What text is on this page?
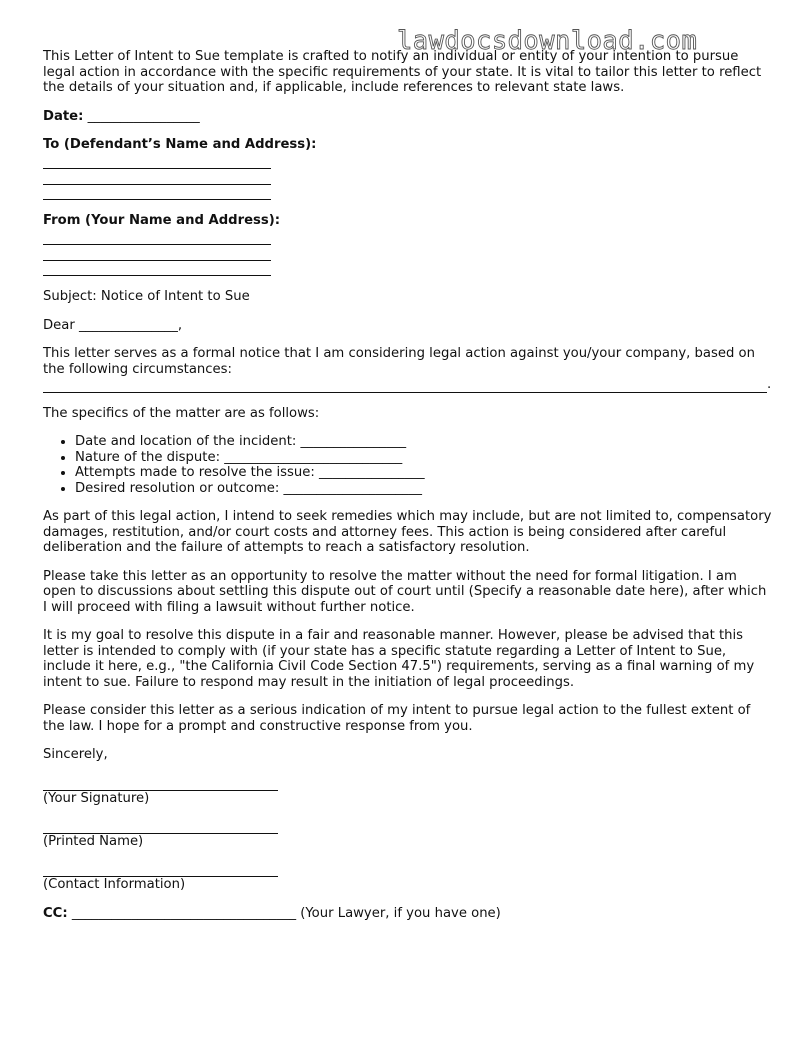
lawdocsdownload.com

This Letter of Intent to Sue template is crafted to notify an individual or entity of your intention to pursue legal action in accordance with the specific requirements of your state. It is vital to tailor this letter to reflect the details of your situation and, if applicable, include references to relevant state laws.

Date: _________________

To (Defendant’s Name and Address):

From (Your Name and Address):

Subject: Notice of Intent to Sue

Dear _______________,

This letter serves as a formal notice that I am considering legal action against you/your company, based on the following circumstances:

.

The specifics of the matter are as follows:

• Date and location of the incident: ________________
• Nature of the dispute: ___________________________
• Attempts made to resolve the issue: ________________
• Desired resolution or outcome: _____________________

As part of this legal action, I intend to seek remedies which may include, but are not limited to, compensatory damages, restitution, and/or court costs and attorney fees. This action is being considered after careful deliberation and the failure of attempts to reach a satisfactory resolution.

Please take this letter as an opportunity to resolve the matter without the need for formal litigation. I am open to discussions about settling this dispute out of court until (Specify a reasonable date here), after which I will proceed with filing a lawsuit without further notice.

It is my goal to resolve this dispute in a fair and reasonable manner. However, please be advised that this letter is intended to comply with (if your state has a specific statute regarding a Letter of Intent to Sue, include it here, e.g., "the California Civil Code Section 47.5") requirements, serving as a final warning of my intent to sue. Failure to respond may result in the initiation of legal proceedings.

Please consider this letter as a serious indication of my intent to pursue legal action to the fullest extent of the law. I hope for a prompt and constructive response from you.

Sincerely,

(Your Signature)

(Printed Name)

(Contact Information)

CC: __________________________________ (Your Lawyer, if you have one)
